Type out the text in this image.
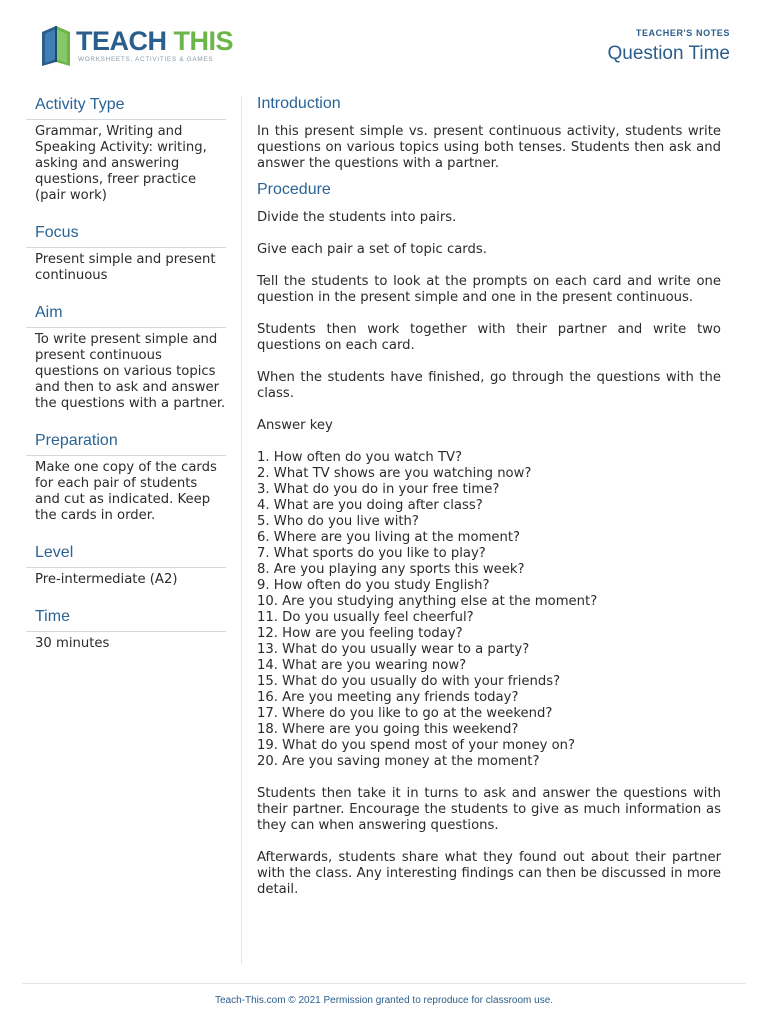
TEACH THIS
WORKSHEETS, ACTIVITIES & GAMES
TEACHER'S NOTES
Question Time
Activity Type
Grammar, Writing and Speaking Activity: writing, asking and answering questions, freer practice (pair work)
Focus
Present simple and present continuous
Aim
To write present simple and present continuous questions on various topics and then to ask and answer the questions with a partner.
Preparation
Make one copy of the cards for each pair of students and cut as indicated. Keep the cards in order.
Level
Pre-intermediate (A2)
Time
30 minutes
Introduction
In this present simple vs. present continuous activity, students write questions on various topics using both tenses. Students then ask and answer the questions with a partner.
Procedure
Divide the students into pairs.
Give each pair a set of topic cards.
Tell the students to look at the prompts on each card and write one question in the present simple and one in the present continuous.
Students then work together with their partner and write two questions on each card.
When the students have finished, go through the questions with the class.
Answer key
1. How often do you watch TV?
2. What TV shows are you watching now?
3. What do you do in your free time?
4. What are you doing after class?
5. Who do you live with?
6. Where are you living at the moment?
7. What sports do you like to play?
8. Are you playing any sports this week?
9. How often do you study English?
10. Are you studying anything else at the moment?
11. Do you usually feel cheerful?
12. How are you feeling today?
13. What do you usually wear to a party?
14. What are you wearing now?
15. What do you usually do with your friends?
16. Are you meeting any friends today?
17. Where do you like to go at the weekend?
18. Where are you going this weekend?
19. What do you spend most of your money on?
20. Are you saving money at the moment?
Students then take it in turns to ask and answer the questions with their partner. Encourage the students to give as much information as they can when answering questions.
Afterwards, students share what they found out about their partner with the class. Any interesting findings can then be discussed in more detail.
Teach-This.com © 2021 Permission granted to reproduce for classroom use.
